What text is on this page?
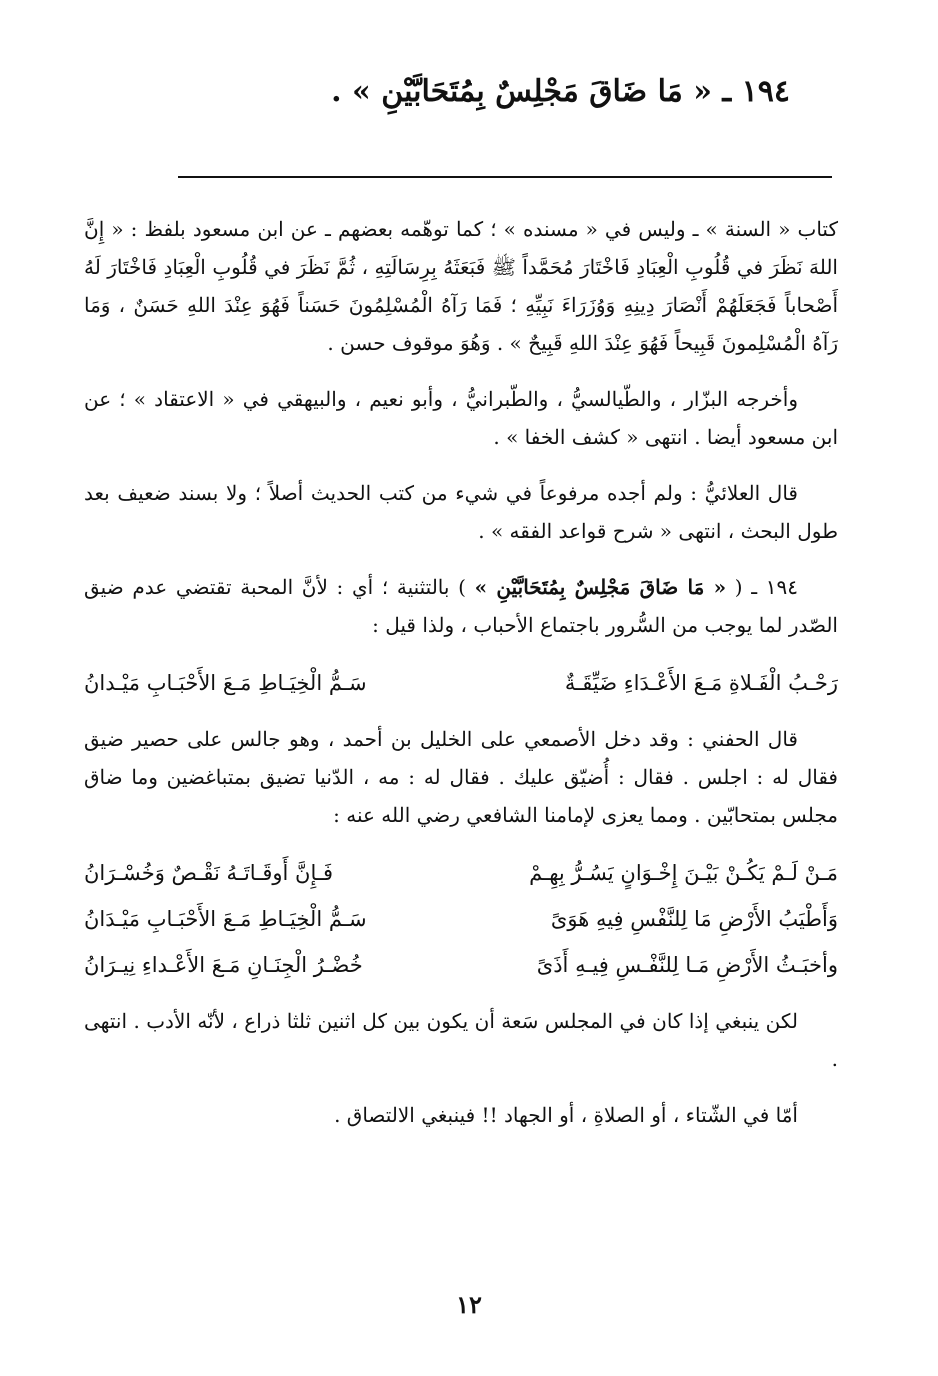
١٩٤ ـ « مَا ضَاقَ مَجْلِسٌ بِمُتَحَابَّيْنِ » .

كتاب « السنة » ـ وليس في « مسنده » ؛ كما توهّمه بعضهم ـ عن ابن مسعود بلفظ : « إِنَّ اللهَ نَظَرَ في قُلُوبِ الْعِبَادِ فَاخْتَارَ مُحَمَّداً ﷺ فَبَعَثَهُ بِرِسَالَتِهِ ، ثُمَّ نَظَرَ في قُلُوبِ الْعِبَادِ فَاخْتَارَ لَهُ أَصْحاباً فَجَعَلَهُمْ أَنْصَارَ دِينِهِ وَوُزَرَاءَ نَبِيِّهِ ؛ فَمَا رَآهُ الْمُسْلِمُونَ حَسَناً فَهُوَ عِنْدَ اللهِ حَسَنٌ ، وَمَا رَآهُ الْمُسْلِمونَ قَبِيحاً فَهُوَ عِنْدَ اللهِ قَبِيحٌ » . وَهُوَ موقوف حسن .

وأخرجه البزّار ، والطّيالسيُّ ، والطّبرانيُّ ، وأبو نعيم ، والبيهقي في « الاعتقاد » ؛ عن ابن مسعود أيضا . انتهى « كشف الخفا » .

قال العلائيُّ : ولم أجده مرفوعاً في شيء من كتب الحديث أصلاً ؛ ولا بسند ضعيف بعد طول البحث ، انتهى « شرح قواعد الفقه » .

١٩٤ ـ ( « مَا ضَاقَ مَجْلِسٌ بِمُتَحَابَّيْنِ » ) بالتثنية ؛ أي : لأنَّ المحبة تقتضي عدم ضيق الصّدر لما يوجب من السُّرور باجتماع الأحباب ، ولذا قيل :

رَحْـبُ الْفَـلاةِ مَـعَ الأَعْـدَاءِ ضَيِّقَـةٌ
سَـمُّ الْخِيَـاطِ مَـعَ الأَحْبَـابِ مَيْـدانُ

قال الحفني : وقد دخل الأصمعي على الخليل بن أحمد ، وهو جالس على حصير ضيق فقال له : اجلس . فقال : أُضيّق عليك . فقال له : مه ، الدّنيا تضيق بمتباغضين وما ضاق مجلس بمتحابّين . ومما يعزى لإمامنا الشافعي رضي الله عنه :

مَـنْ لَـمْ يَكُـنْ بَيْـنَ إِخْـوَانٍ يَسُـرُّ بِهِـمْ
فَـإِنَّ أَوقَـاتَـهُ نَقْـصٌ وَخُسْـرَانُ
وَأَطْيَبُ الأَرْضِ مَا لِلنَّفْسِ فِيهِ هَوَىً
سَـمُّ الْخِيَـاطِ مَـعَ الأَحْبَـابِ مَيْـدَانُ
وأخبَـثُ الأَرْضِ مَـا لِلنَّفْـسِ فِيـهِ أَذَىً
خُضْـرُ الْجِنَـانِ مَـعَ الأَعْـداءِ نِيـرَانُ

لكن ينبغي إذا كان في المجلس سَعة أن يكون بين كل اثنين ثلثا ذراع ، لأنّه الأدب . انتهى .

أمّا في الشّتاء ، أو الصلاةِ ، أو الجهاد !! فينبغي الالتصاق .

١٢
